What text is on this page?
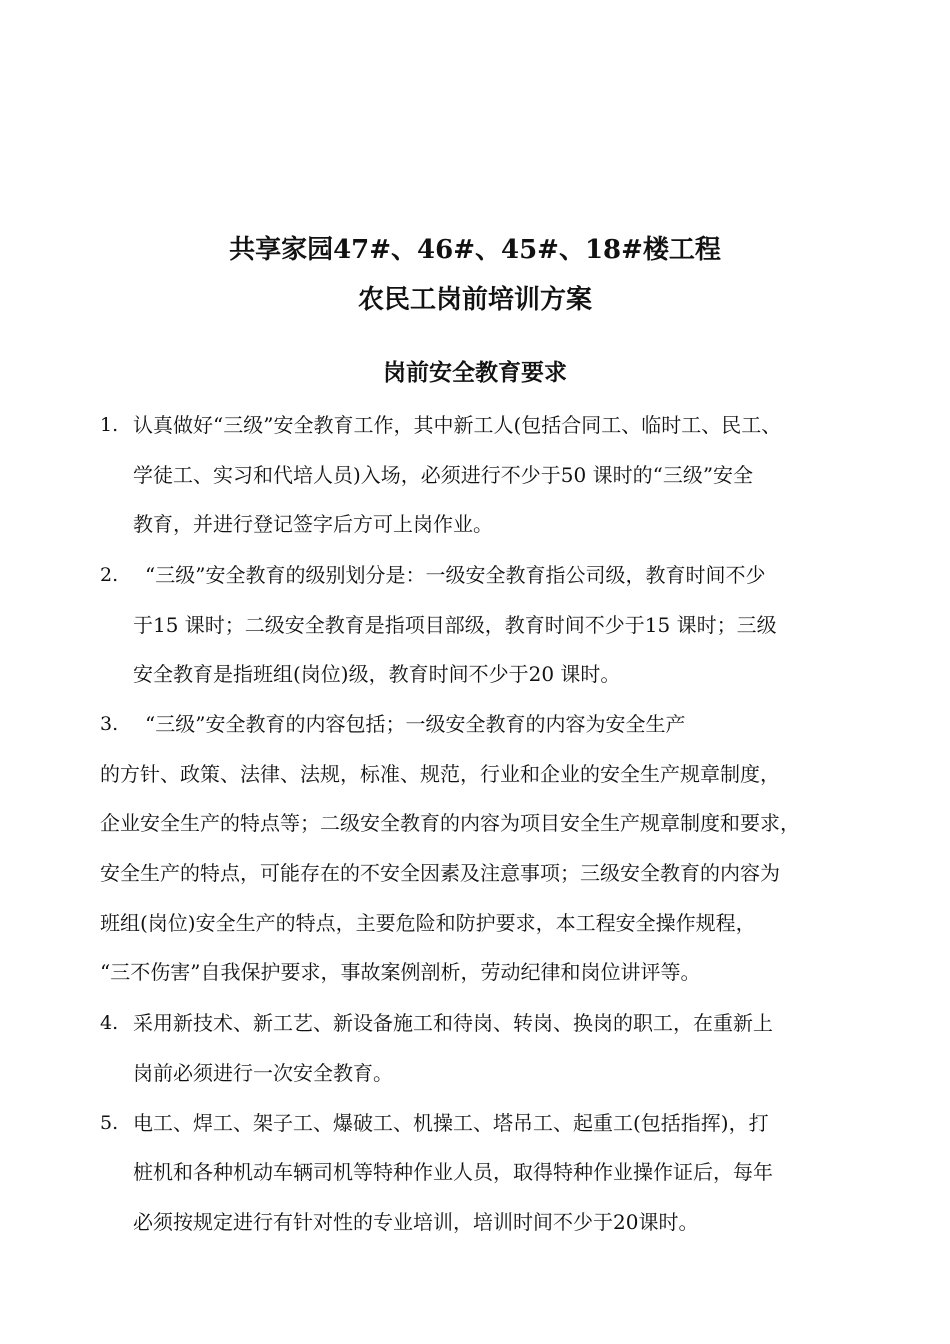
共享家园47#、46#、45#、18#楼工程
农民工岗前培训方案
岗前安全教育要求
1. 认真做好“三级”安全教育工作，其中新工人(包括合同工、临时工、民工、
学徒工、实习和代培人员)入场，必须进行不少于50 课时的“三级”安全
教育，并进行登记签字后方可上岗作业。
2. “三级”安全教育的级别划分是：一级安全教育指公司级，教育时间不少
于15 课时；二级安全教育是指项目部级，教育时间不少于15 课时；三级
安全教育是指班组(岗位)级，教育时间不少于20 课时。
3. “三级”安全教育的内容包括；一级安全教育的内容为安全生产
的方针、政策、法律、法规，标准、规范，行业和企业的安全生产规章制度，
企业安全生产的特点等；二级安全教育的内容为项目安全生产规章制度和要求，
安全生产的特点，可能存在的不安全因素及注意事项；三级安全教育的内容为
班组(岗位)安全生产的特点，主要危险和防护要求，本工程安全操作规程，
“三不伤害”自我保护要求，事故案例剖析，劳动纪律和岗位讲评等。
4. 采用新技术、新工艺、新设备施工和待岗、转岗、换岗的职工，在重新上
岗前必须进行一次安全教育。
5. 电工、焊工、架子工、爆破工、机操工、塔吊工、起重工(包括指挥)，打
桩机和各种机动车辆司机等特种作业人员，取得特种作业操作证后，每年
必须按规定进行有针对性的专业培训，培训时间不少于20课时。
